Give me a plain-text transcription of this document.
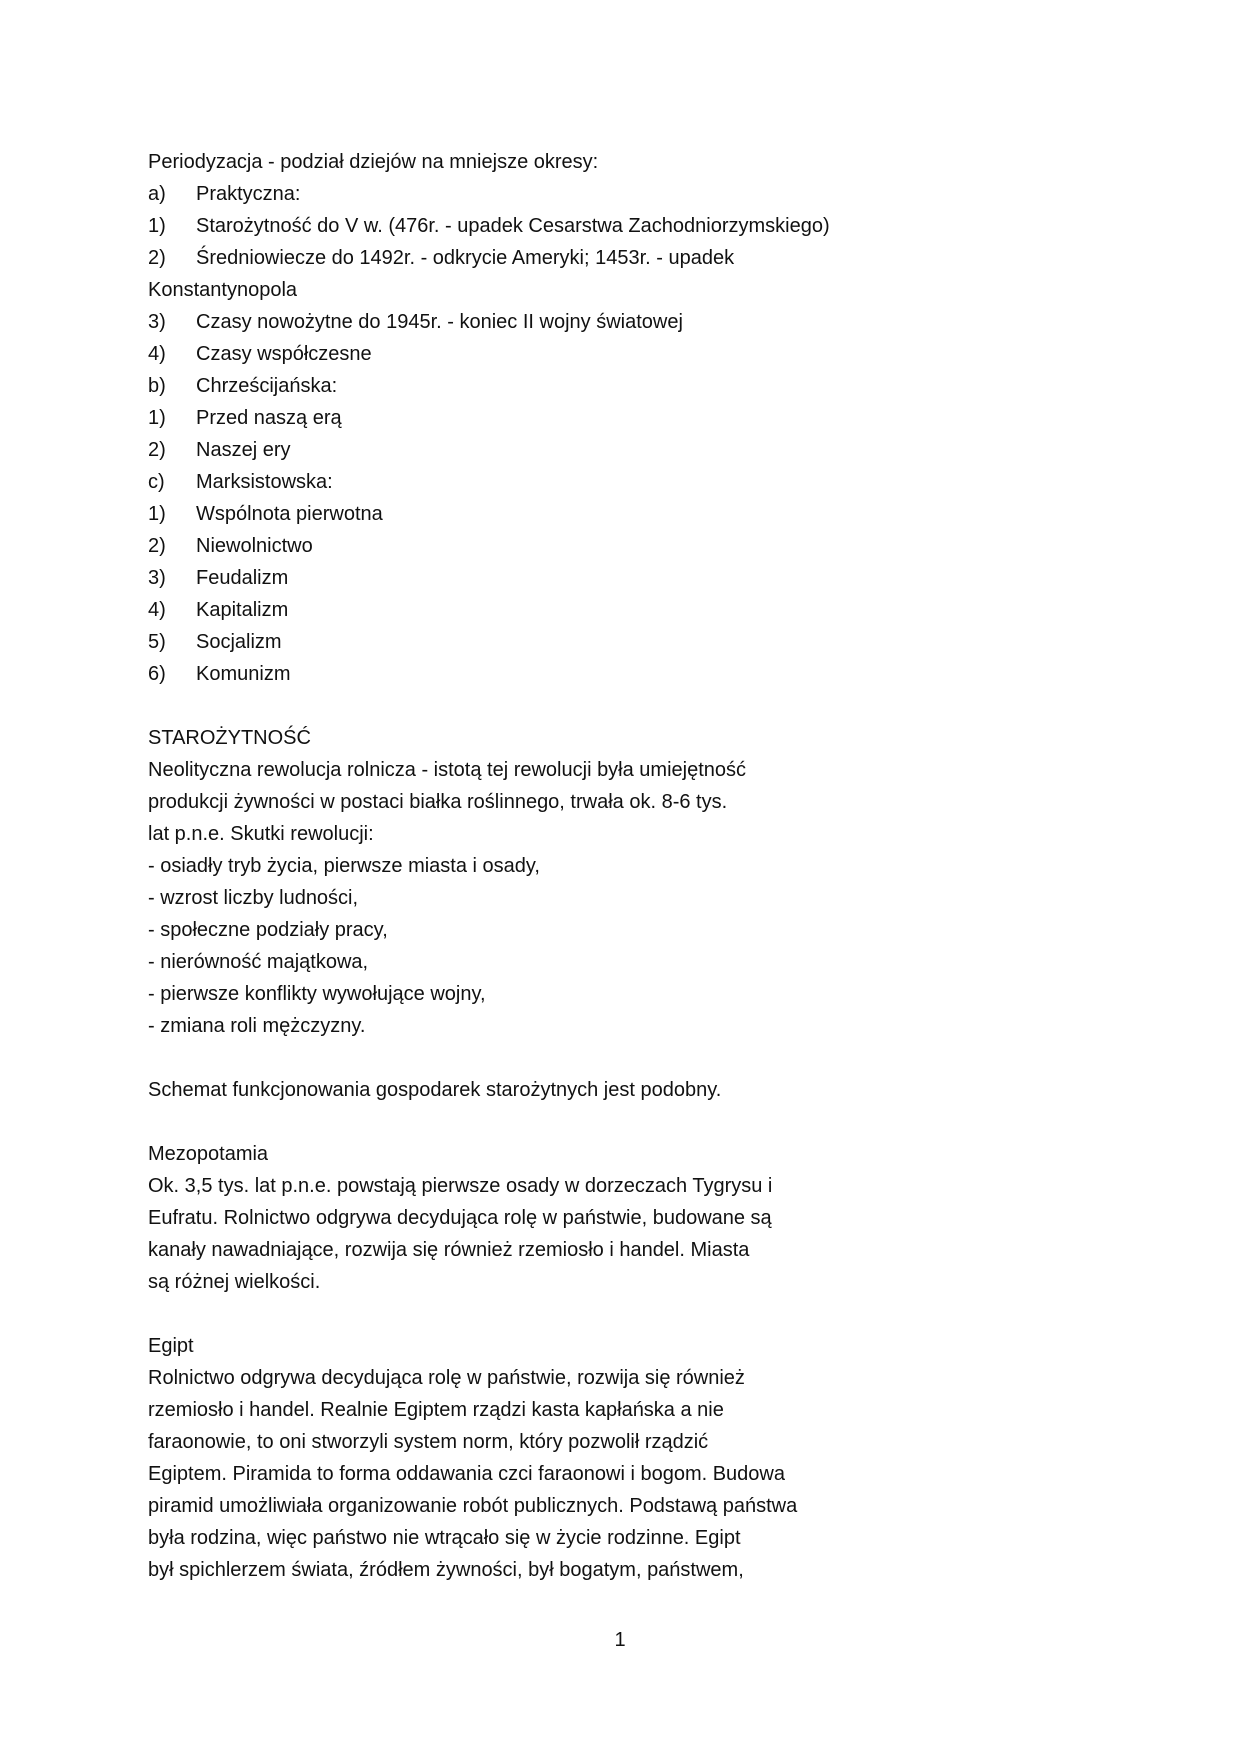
Periodyzacja - podział dziejów na mniejsze okresy:
a) Praktyczna:
1) Starożytność do V w. (476r. - upadek Cesarstwa Zachodniorzymskiego)
2) Średniowiecze do 1492r. - odkrycie Ameryki; 1453r. - upadek
Konstantynopola
3) Czasy nowożytne do 1945r. - koniec II wojny światowej
4) Czasy współczesne
b) Chrześcijańska:
1) Przed naszą erą
2) Naszej ery
c) Marksistowska:
1) Wspólnota pierwotna
2) Niewolnictwo
3) Feudalizm
4) Kapitalizm
5) Socjalizm
6) Komunizm
STAROŻYTNOŚĆ
Neolityczna rewolucja rolnicza - istotą tej rewolucji była umiejętność
produkcji żywności w postaci białka roślinnego, trwała ok. 8-6 tys.
lat p.n.e. Skutki rewolucji:
- osiadły tryb życia, pierwsze miasta i osady,
- wzrost liczby ludności,
- społeczne podziały pracy,
- nierówność majątkowa,
- pierwsze konflikty wywołujące wojny,
- zmiana roli mężczyzny.
Schemat funkcjonowania gospodarek starożytnych jest podobny.
Mezopotamia
Ok. 3,5 tys. lat p.n.e. powstają pierwsze osady w dorzeczach Tygrysu i
Eufratu. Rolnictwo odgrywa decydująca rolę w państwie, budowane są
kanały nawadniające, rozwija się również rzemiosło i handel. Miasta
są różnej wielkości.
Egipt
Rolnictwo odgrywa decydująca rolę w państwie, rozwija się również
rzemiosło i handel. Realnie Egiptem rządzi kasta kapłańska a nie
faraonowie, to oni stworzyli system norm, który pozwolił rządzić
Egiptem. Piramida to forma oddawania czci faraonowi i bogom. Budowa
piramid umożliwiała organizowanie robót publicznych. Podstawą państwa
była rodzina, więc państwo nie wtrącało się w życie rodzinne. Egipt
był spichlerzem świata, źródłem żywności, był bogatym, państwem,
1
